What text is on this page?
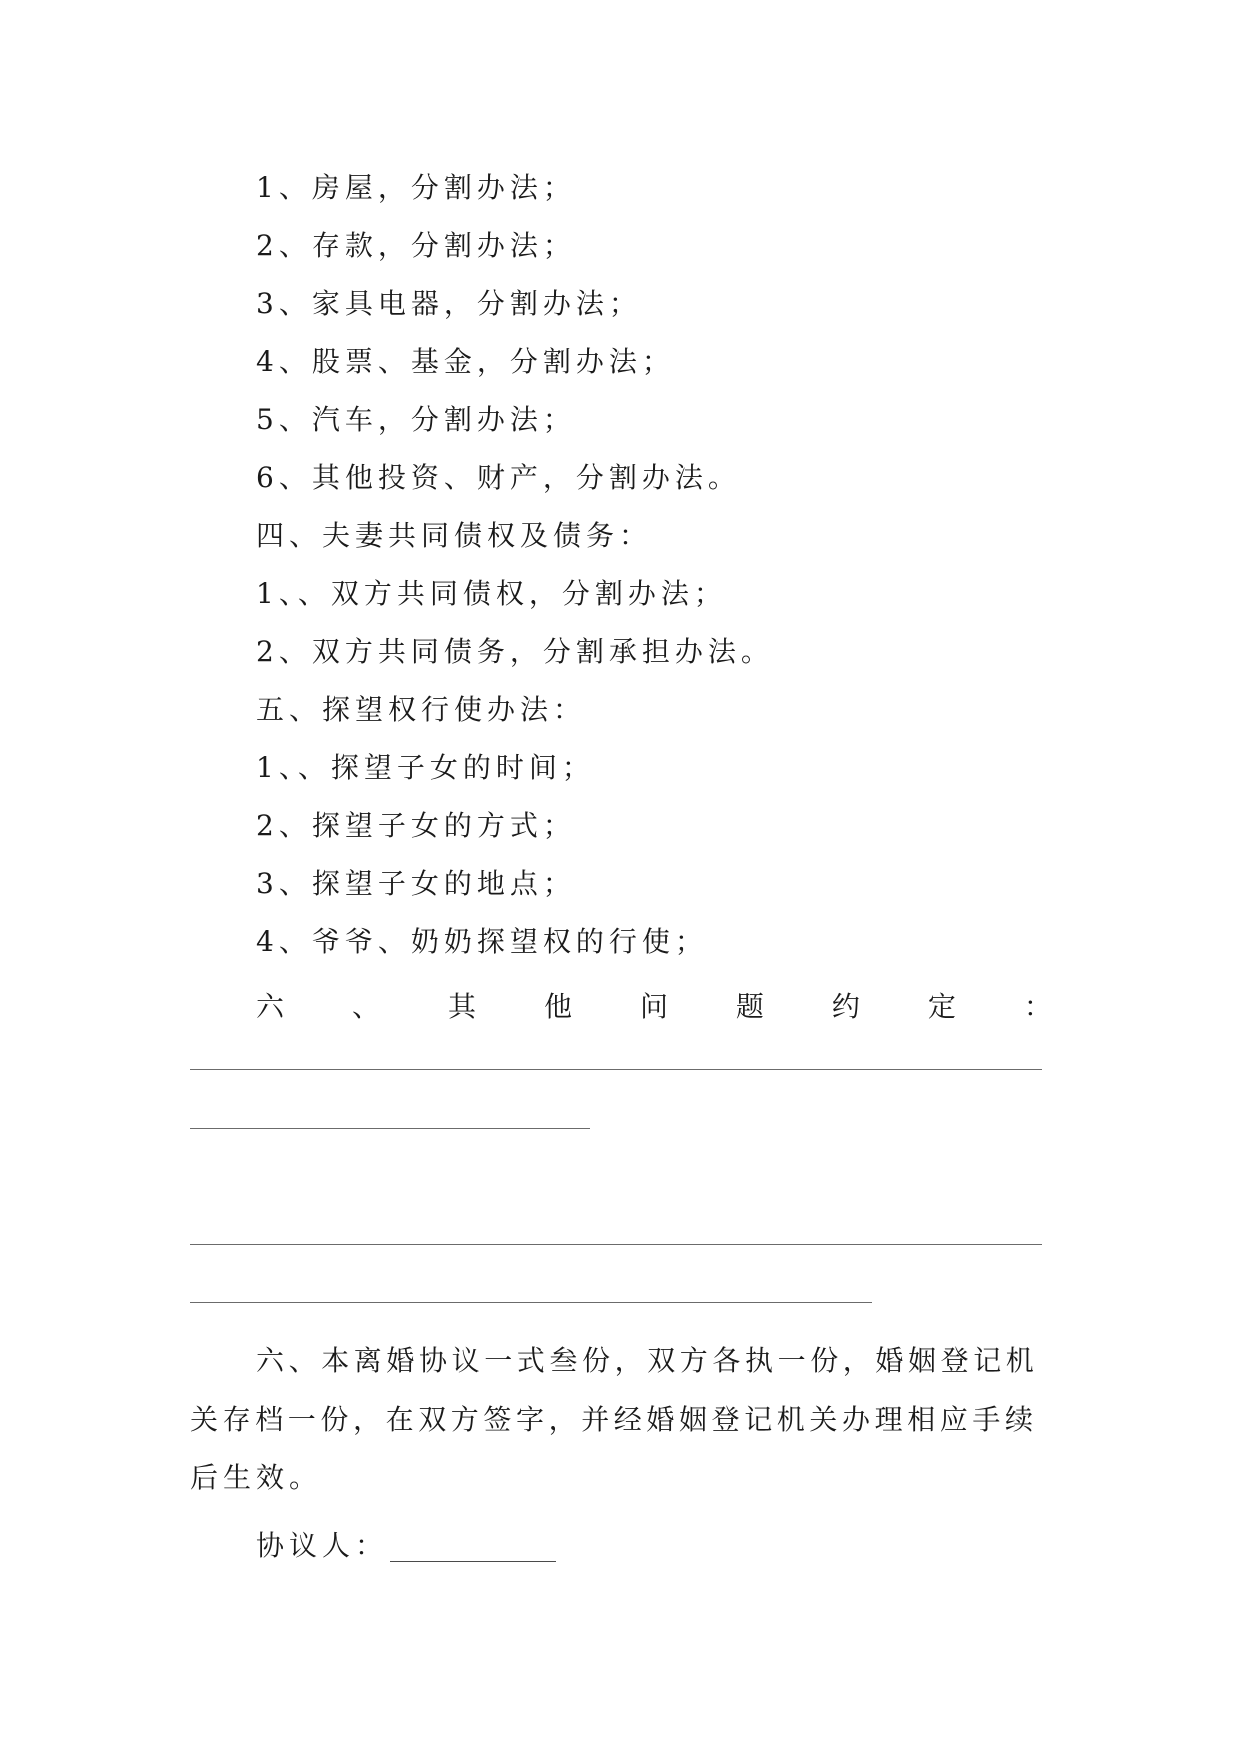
1、房屋，分割办法；
2、存款，分割办法；
3、家具电器，分割办法；
4、股票、基金，分割办法；
5、汽车，分割办法；
6、其他投资、财产，分割办法。
四、夫妻共同债权及债务：
1、、双方共同债权，分割办法；
2、双方共同债务，分割承担办法。
五、探望权行使办法：
1、、探望子女的时间；
2、探望子女的方式；
3、探望子女的地点；
4、爷爷、奶奶探望权的行使；
六 、 其 他 问 题 约 定 ：
六、本离婚协议一式叁份，双方各执一份，婚姻登记机
关存档一份，在双方签字，并经婚姻登记机关办理相应手续
后生效。
协议人：
